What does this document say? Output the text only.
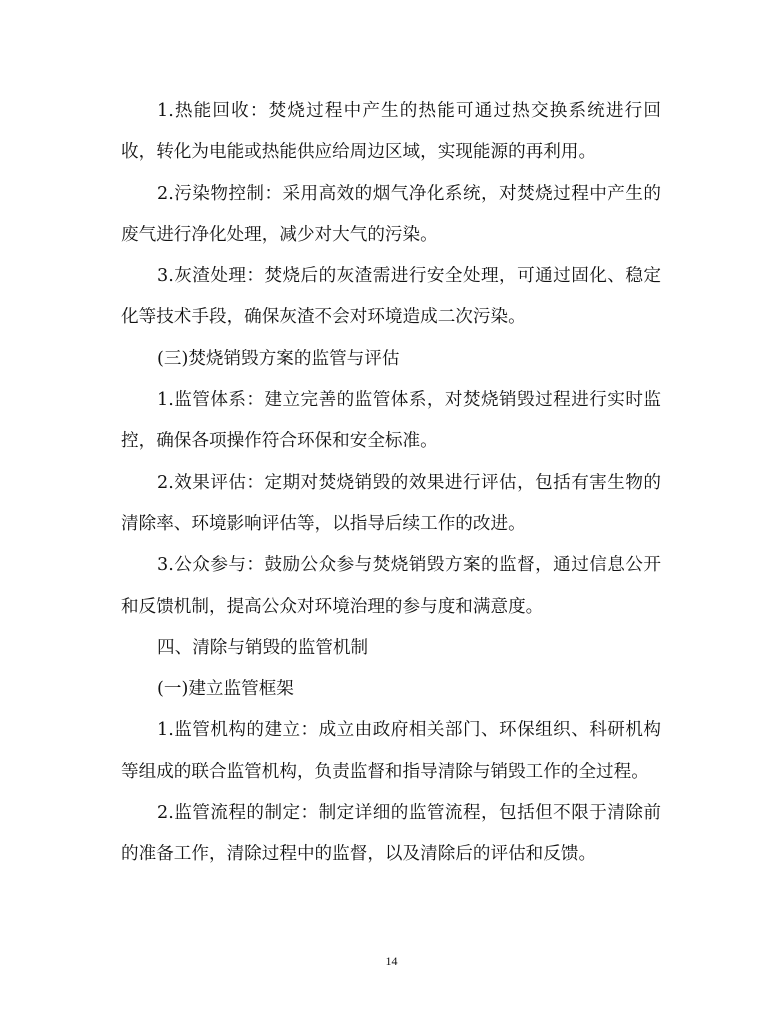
1.热能回收：焚烧过程中产生的热能可通过热交换系统进行回收，转化为电能或热能供应给周边区域，实现能源的再利用。

2.污染物控制：采用高效的烟气净化系统，对焚烧过程中产生的废气进行净化处理，减少对大气的污染。

3.灰渣处理：焚烧后的灰渣需进行安全处理，可通过固化、稳定化等技术手段，确保灰渣不会对环境造成二次污染。

(三)焚烧销毁方案的监管与评估

1.监管体系：建立完善的监管体系，对焚烧销毁过程进行实时监控，确保各项操作符合环保和安全标准。

2.效果评估：定期对焚烧销毁的效果进行评估，包括有害生物的清除率、环境影响评估等，以指导后续工作的改进。

3.公众参与：鼓励公众参与焚烧销毁方案的监督，通过信息公开和反馈机制，提高公众对环境治理的参与度和满意度。

四、清除与销毁的监管机制

(一)建立监管框架

1.监管机构的建立：成立由政府相关部门、环保组织、科研机构等组成的联合监管机构，负责监督和指导清除与销毁工作的全过程。

2.监管流程的制定：制定详细的监管流程，包括但不限于清除前的准备工作，清除过程中的监督，以及清除后的评估和反馈。

14
